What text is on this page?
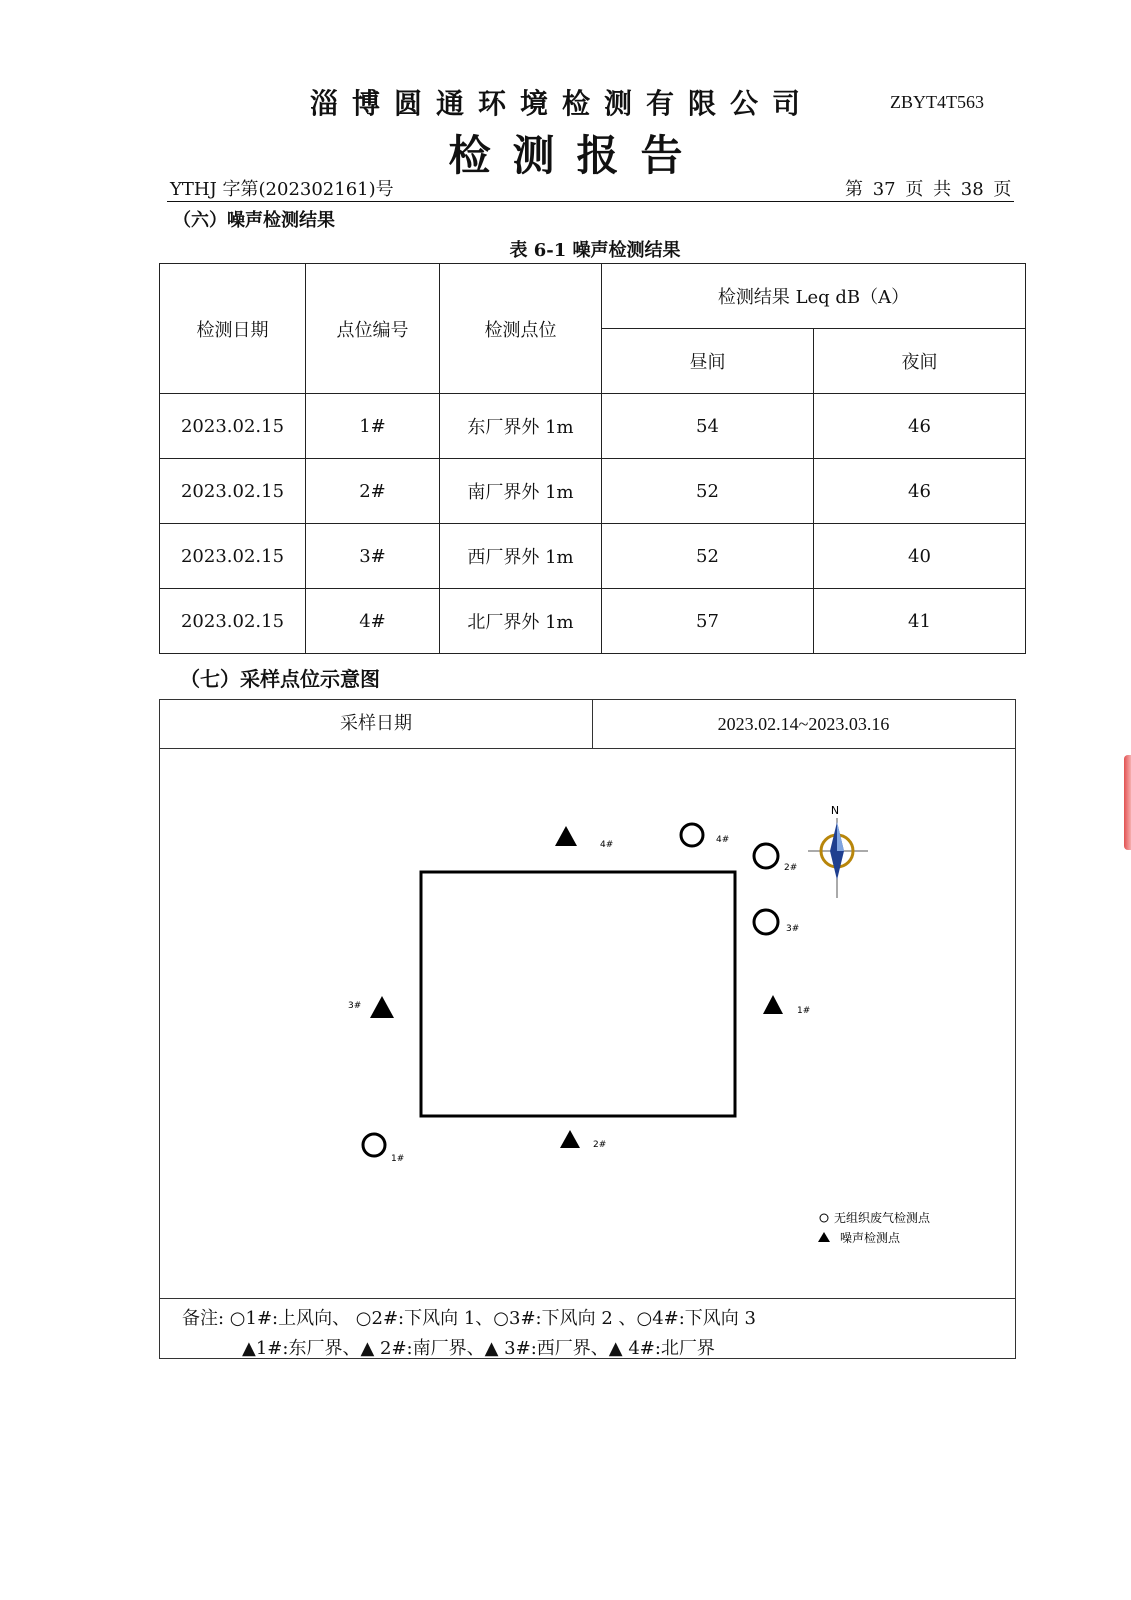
淄博圆通环境检测有限公司	ZBYT4T563
检测报告
YTHJ 字第(202302161)号	第 37 页 共 38 页
（六）噪声检测结果
表 6-1 噪声检测结果
检测日期	点位编号	检测点位	检测结果 Leq dB（A）	
			昼间	夜间
2023.02.15	1#	东厂界外 1m	54	46
2023.02.15	2#	南厂界外 1m	52	46
2023.02.15	3#	西厂界外 1m	52	40
2023.02.15	4#	北厂界外 1m	57	41
（七）采样点位示意图
采样日期	2023.02.14~2023.03.16
4#
3#	1#
2#
4#
2#
3#
1#
N
无组织废气检测点
噪声检测点
备注: ○1#:上风向、 ○2#:下风向 1、○3#:下风向 2 、○4#:下风向 3
▲1#:东厂界、▲ 2#:南厂界、▲ 3#:西厂界、▲ 4#:北厂界
